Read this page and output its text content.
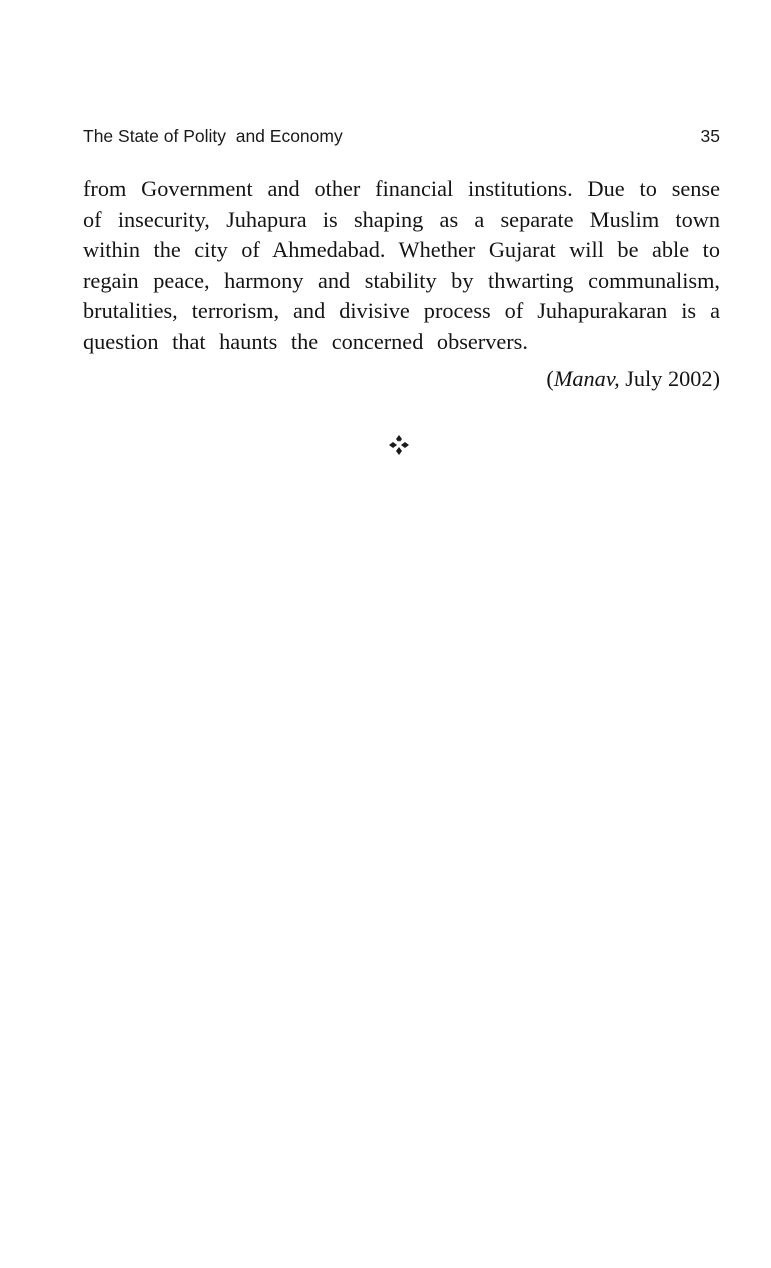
The State of Polity  and Economy	35
from Government and other financial institutions. Due to sense
of insecurity, Juhapura is shaping as a separate Muslim town
within the city of Ahmedabad. Whether Gujarat will be able to
regain peace, harmony and stability by thwarting communalism,
brutalities, terrorism, and divisive process of Juhapurakaran is a
question that haunts the concerned observers.
(Manav, July 2002)
